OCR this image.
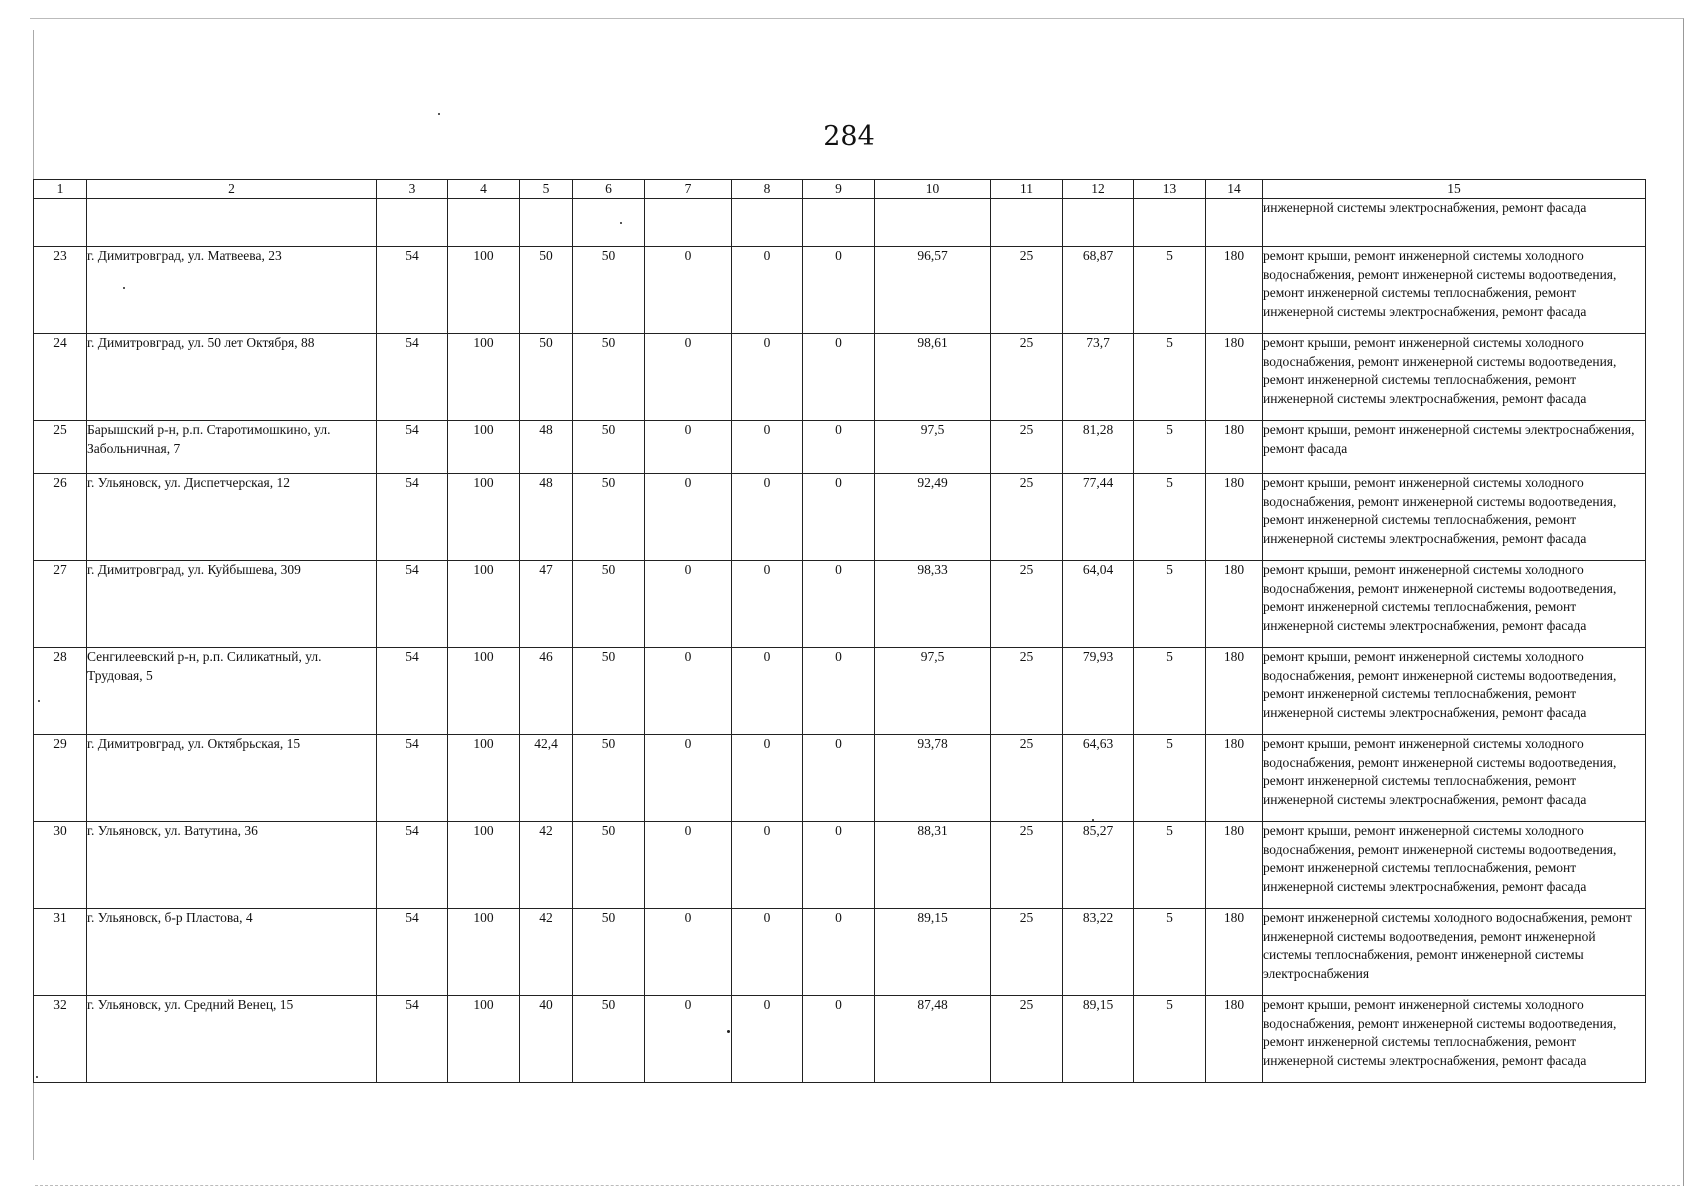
284
1	2	3	4	5	6	7	8	9	10	11	12	13	14	15
														инженерной системы электроснабжения, ремонт фасада
23	г. Димитровград, ул. Матвеева, 23	54	100	50	50	0	0	0	96,57	25	68,87	5	180	ремонт крыши, ремонт инженерной системы холодного водоснабжения, ремонт инженерной системы водоотведения, ремонт инженерной системы теплоснабжения, ремонт инженерной системы электроснабжения, ремонт фасада
24	г. Димитровград, ул. 50 лет Октября, 88	54	100	50	50	0	0	0	98,61	25	73,7	5	180	ремонт крыши, ремонт инженерной системы холодного водоснабжения, ремонт инженерной системы водоотведения, ремонт инженерной системы теплоснабжения, ремонт инженерной системы электроснабжения, ремонт фасада
25	Барышский р-н, р.п. Старотимошкино, ул. Забольничная, 7	54	100	48	50	0	0	0	97,5	25	81,28	5	180	ремонт крыши, ремонт инженерной системы электроснабжения, ремонт фасада
26	г. Ульяновск, ул. Диспетчерская, 12	54	100	48	50	0	0	0	92,49	25	77,44	5	180	ремонт крыши, ремонт инженерной системы холодного водоснабжения, ремонт инженерной системы водоотведения, ремонт инженерной системы теплоснабжения, ремонт инженерной системы электроснабжения, ремонт фасада
27	г. Димитровград, ул. Куйбышева, 309	54	100	47	50	0	0	0	98,33	25	64,04	5	180	ремонт крыши, ремонт инженерной системы холодного водоснабжения, ремонт инженерной системы водоотведения, ремонт инженерной системы теплоснабжения, ремонт инженерной системы электроснабжения, ремонт фасада
28	Сенгилеевский р-н, р.п. Силикатный, ул. Трудовая, 5	54	100	46	50	0	0	0	97,5	25	79,93	5	180	ремонт крыши, ремонт инженерной системы холодного водоснабжения, ремонт инженерной системы водоотведения, ремонт инженерной системы теплоснабжения, ремонт инженерной системы электроснабжения, ремонт фасада
29	г. Димитровград, ул. Октябрьская, 15	54	100	42,4	50	0	0	0	93,78	25	64,63	5	180	ремонт крыши, ремонт инженерной системы холодного водоснабжения, ремонт инженерной системы водоотведения, ремонт инженерной системы теплоснабжения, ремонт инженерной системы электроснабжения, ремонт фасада
30	г. Ульяновск, ул. Ватутина, 36	54	100	42	50	0	0	0	88,31	25	85,27	5	180	ремонт крыши, ремонт инженерной системы холодного водоснабжения, ремонт инженерной системы водоотведения, ремонт инженерной системы теплоснабжения, ремонт инженерной системы электроснабжения, ремонт фасада
31	г. Ульяновск, б-р Пластова, 4	54	100	42	50	0	0	0	89,15	25	83,22	5	180	ремонт инженерной системы холодного водоснабжения, ремонт инженерной системы водоотведения, ремонт инженерной системы теплоснабжения, ремонт инженерной системы электроснабжения
32	г. Ульяновск, ул. Средний Венец, 15	54	100	40	50	0	0	0	87,48	25	89,15	5	180	ремонт крыши, ремонт инженерной системы холодного водоснабжения, ремонт инженерной системы водоотведения, ремонт инженерной системы теплоснабжения, ремонт инженерной системы электроснабжения, ремонт фасада
